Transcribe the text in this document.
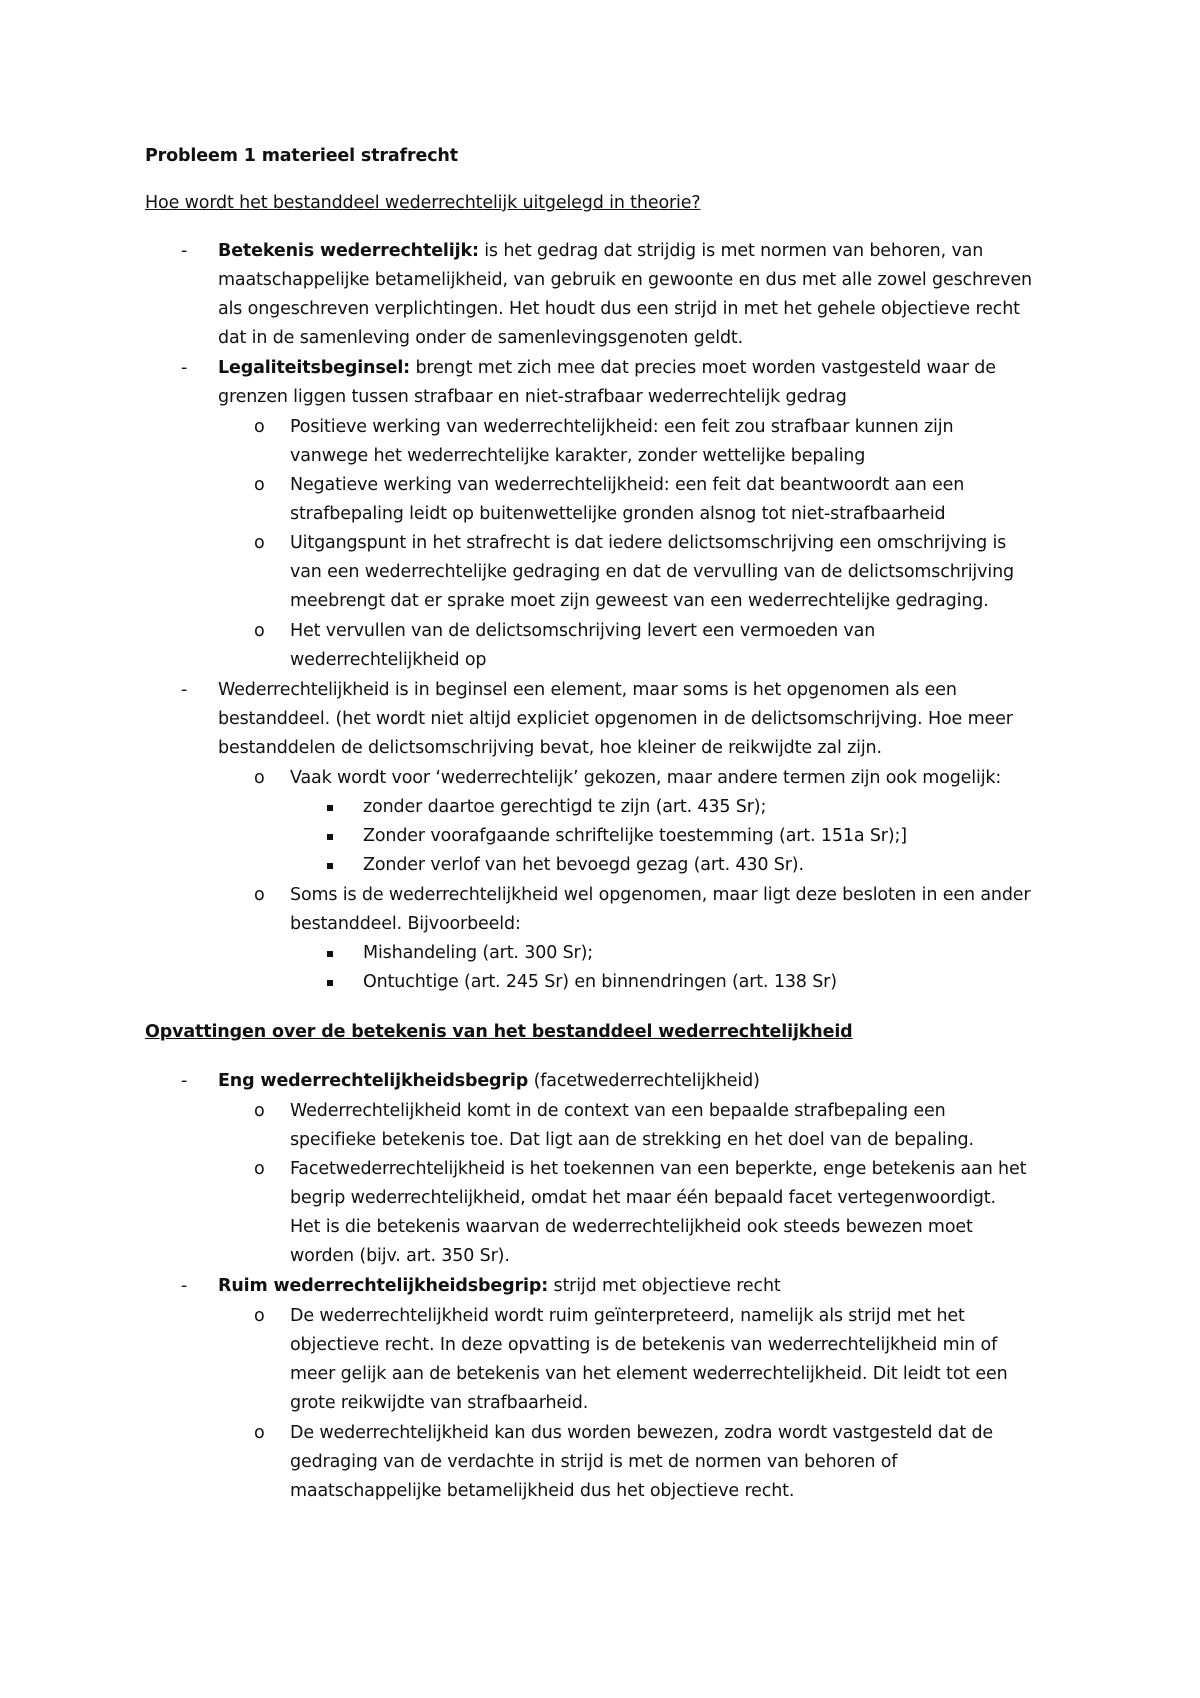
Probleem 1 materieel strafrecht
Hoe wordt het bestanddeel wederrechtelijk uitgelegd in theorie?
- Betekenis wederrechtelijk: is het gedrag dat strijdig is met normen van behoren, van
maatschappelijke betamelijkheid, van gebruik en gewoonte en dus met alle zowel geschreven
als ongeschreven verplichtingen. Het houdt dus een strijd in met het gehele objectieve recht
dat in de samenleving onder de samenlevingsgenoten geldt.
- Legaliteitsbeginsel: brengt met zich mee dat precies moet worden vastgesteld waar de
grenzen liggen tussen strafbaar en niet-strafbaar wederrechtelijk gedrag
o Positieve werking van wederrechtelijkheid: een feit zou strafbaar kunnen zijn
vanwege het wederrechtelijke karakter, zonder wettelijke bepaling
o Negatieve werking van wederrechtelijkheid: een feit dat beantwoordt aan een
strafbepaling leidt op buitenwettelijke gronden alsnog tot niet-strafbaarheid
o Uitgangspunt in het strafrecht is dat iedere delictsomschrijving een omschrijving is
van een wederrechtelijke gedraging en dat de vervulling van de delictsomschrijving
meebrengt dat er sprake moet zijn geweest van een wederrechtelijke gedraging.
o Het vervullen van de delictsomschrijving levert een vermoeden van
wederrechtelijkheid op
- Wederrechtelijkheid is in beginsel een element, maar soms is het opgenomen als een
bestanddeel. (het wordt niet altijd expliciet opgenomen in de delictsomschrijving. Hoe meer
bestanddelen de delictsomschrijving bevat, hoe kleiner de reikwijdte zal zijn.
o Vaak wordt voor ‘wederrechtelijk’ gekozen, maar andere termen zijn ook mogelijk:
zonder daartoe gerechtigd te zijn (art. 435 Sr);
Zonder voorafgaande schriftelijke toestemming (art. 151a Sr);]
Zonder verlof van het bevoegd gezag (art. 430 Sr).
o Soms is de wederrechtelijkheid wel opgenomen, maar ligt deze besloten in een ander
bestanddeel. Bijvoorbeeld:
Mishandeling (art. 300 Sr);
Ontuchtige (art. 245 Sr) en binnendringen (art. 138 Sr)
Opvattingen over de betekenis van het bestanddeel wederrechtelijkheid
- Eng wederrechtelijkheidsbegrip (facetwederrechtelijkheid)
o Wederrechtelijkheid komt in de context van een bepaalde strafbepaling een
specifieke betekenis toe. Dat ligt aan de strekking en het doel van de bepaling.
o Facetwederrechtelijkheid is het toekennen van een beperkte, enge betekenis aan het
begrip wederrechtelijkheid, omdat het maar één bepaald facet vertegenwoordigt.
Het is die betekenis waarvan de wederrechtelijkheid ook steeds bewezen moet
worden (bijv. art. 350 Sr).
- Ruim wederrechtelijkheidsbegrip: strijd met objectieve recht
o De wederrechtelijkheid wordt ruim geïnterpreteerd, namelijk als strijd met het
objectieve recht. In deze opvatting is de betekenis van wederrechtelijkheid min of
meer gelijk aan de betekenis van het element wederrechtelijkheid. Dit leidt tot een
grote reikwijdte van strafbaarheid.
o De wederrechtelijkheid kan dus worden bewezen, zodra wordt vastgesteld dat de
gedraging van de verdachte in strijd is met de normen van behoren of
maatschappelijke betamelijkheid dus het objectieve recht.
